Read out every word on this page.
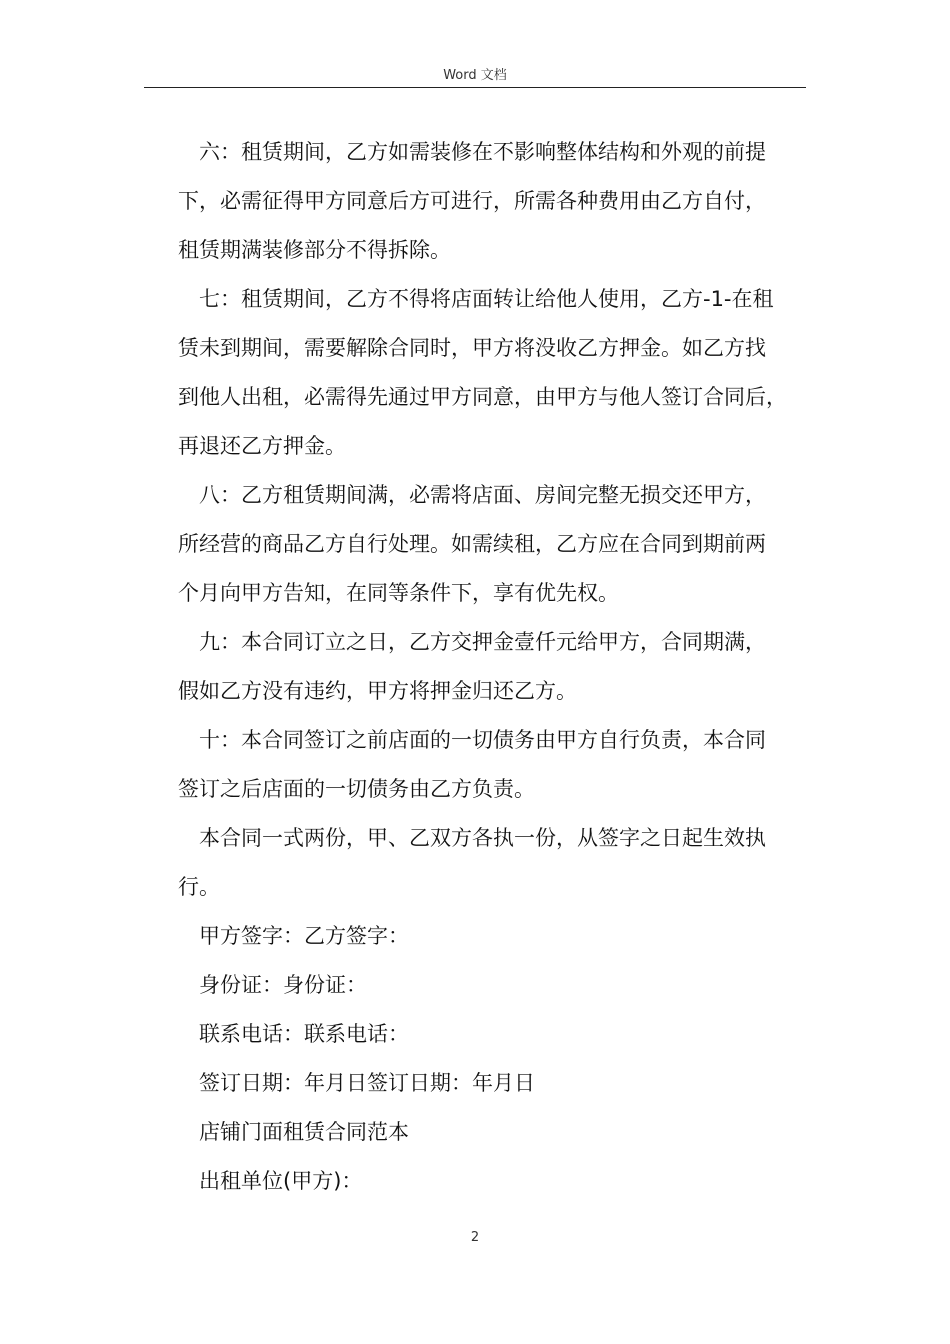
Word 文档

六：租赁期间，乙方如需装修在不影响整体结构和外观的前提
下，必需征得甲方同意后方可进行，所需各种费用由乙方自付，
租赁期满装修部分不得拆除。

七：租赁期间，乙方不得将店面转让给他人使用，乙方-1-在租
赁未到期间，需要解除合同时，甲方将没收乙方押金。如乙方找
到他人出租，必需得先通过甲方同意，由甲方与他人签订合同后，
再退还乙方押金。

八：乙方租赁期间满，必需将店面、房间完整无损交还甲方，
所经营的商品乙方自行处理。如需续租，乙方应在合同到期前两
个月向甲方告知，在同等条件下，享有优先权。

九：本合同订立之日，乙方交押金壹仟元给甲方，合同期满，
假如乙方没有违约，甲方将押金归还乙方。

十：本合同签订之前店面的一切债务由甲方自行负责，本合同
签订之后店面的一切债务由乙方负责。

本合同一式两份，甲、乙双方各执一份，从签字之日起生效执
行。

甲方签字：乙方签字：

身份证：身份证：

联系电话：联系电话：

签订日期：年月日签订日期：年月日

店铺门面租赁合同范本

出租单位(甲方)：

2
